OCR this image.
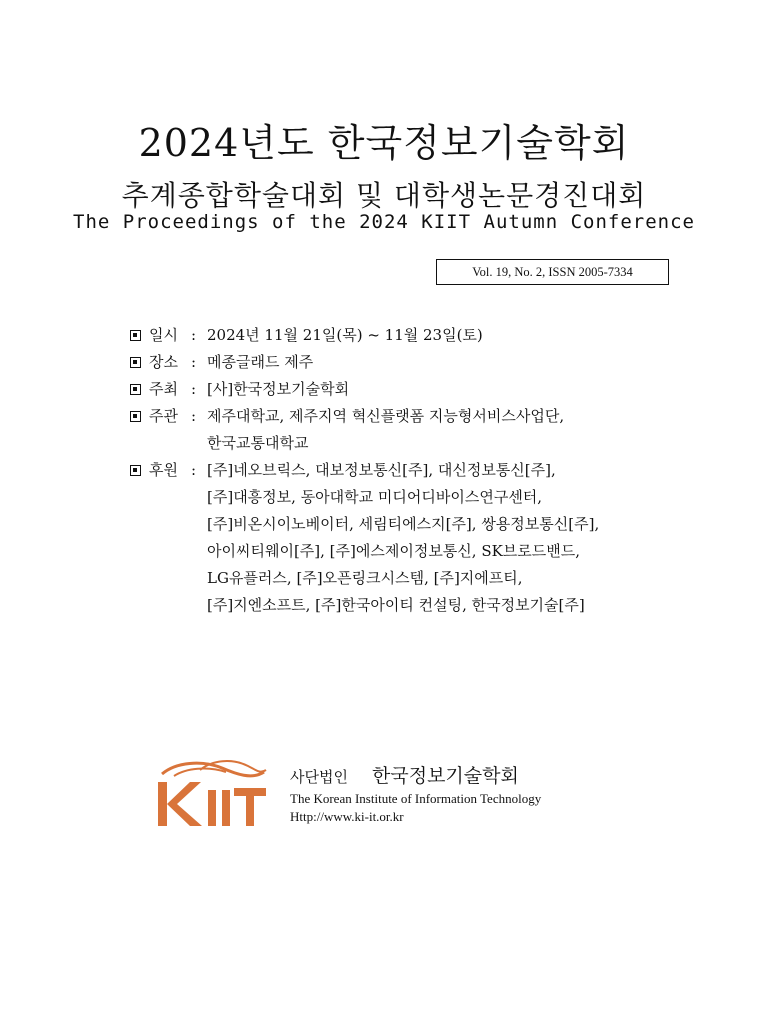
2024년도 한국정보기술학회
추계종합학술대회 및 대학생논문경진대회
The Proceedings of the 2024 KIIT Autumn Conference
Vol. 19, No. 2, ISSN 2005-7334
일시 : 2024년 11월 21일(목) ~ 11월 23일(토)
장소 : 메종글래드 제주
주최 : [사]한국정보기술학회
주관 : 제주대학교, 제주지역 혁신플랫폼 지능형서비스사업단,
한국교통대학교
후원 : [주]네오브릭스, 대보정보통신[주], 대신정보통신[주],
[주]대흥정보, 동아대학교 미디어디바이스연구센터,
[주]비온시이노베이터, 세림티에스지[주], 쌍용정보통신[주],
아이씨티웨이[주], [주]에스제이정보통신, SK브로드밴드,
LG유플러스, [주]오픈링크시스템, [주]지에프티,
[주]지엔소프트, [주]한국아이티 컨설팅, 한국정보기술[주]
사단법인 한국정보기술학회
The Korean Institute of Information Technology
Http://www.ki-it.or.kr
